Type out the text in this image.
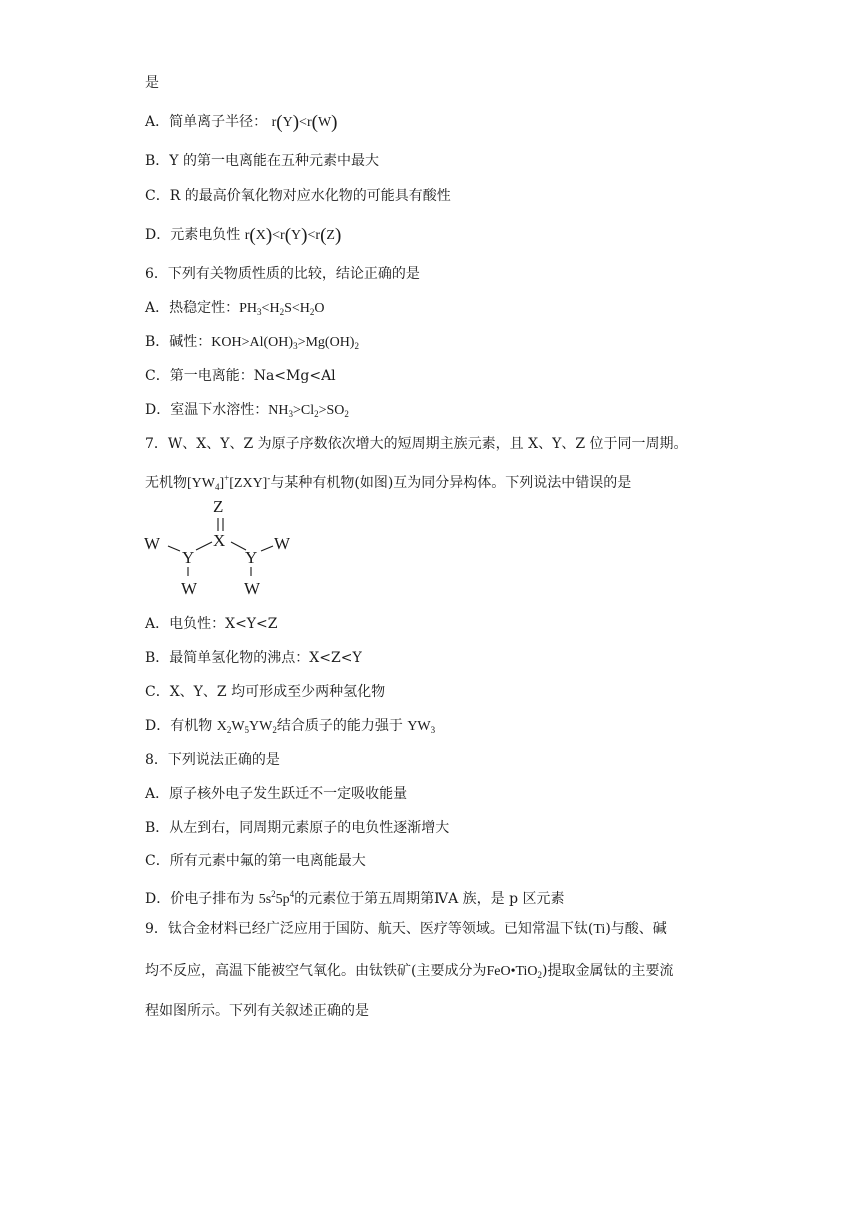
是
A．简单离子半径： r(Y)<r(W)
B．Y 的第一电离能在五种元素中最大
C．R 的最高价氧化物对应水化物的可能具有酸性
D．元素电负性 r(X)<r(Y)<r(Z)
6．下列有关物质性质的比较，结论正确的是
A．热稳定性：$PH_3<H_2S<H_2O$
B．碱性：$KOH>Al(OH)_3>Mg(OH)_2$
C．第一电离能：Na<Mg<Al
D．室温下水溶性：$NH_3>Cl_2>SO_2$
7．W、X、Y、Z 为原子序数依次增大的短周期主族元素，且 X、Y、Z 位于同一周期。
无机物$[YW_4]^+[ZXY]^-$与某种有机物(如图)互为同分异构体。下列说法中错误的是
Z
X
Y	Y
W	W
W	W
A．电负性：X<Y<Z
B．最简单氢化物的沸点：X<Z<Y
C．X、Y、Z 均可形成至少两种氢化物
D．有机物 $X_2W_5YW_2$结合质子的能力强于 $YW_3$
8．下列说法正确的是
A．原子核外电子发生跃迁不一定吸收能量
B．从左到右，同周期元素原子的电负性逐渐增大
C．所有元素中氟的第一电离能最大
D．价电子排布为 $5s^25p^4$的元素位于第五周期第ⅣA 族，是 p 区元素
9．钛合金材料已经广泛应用于国防、航天、医疗等领域。已知常温下钛(Ti)与酸、碱
均不反应，高温下能被空气氧化。由钛铁矿(主要成分为FeO•TiO$_2$)提取金属钛的主要流
程如图所示。下列有关叙述正确的是
